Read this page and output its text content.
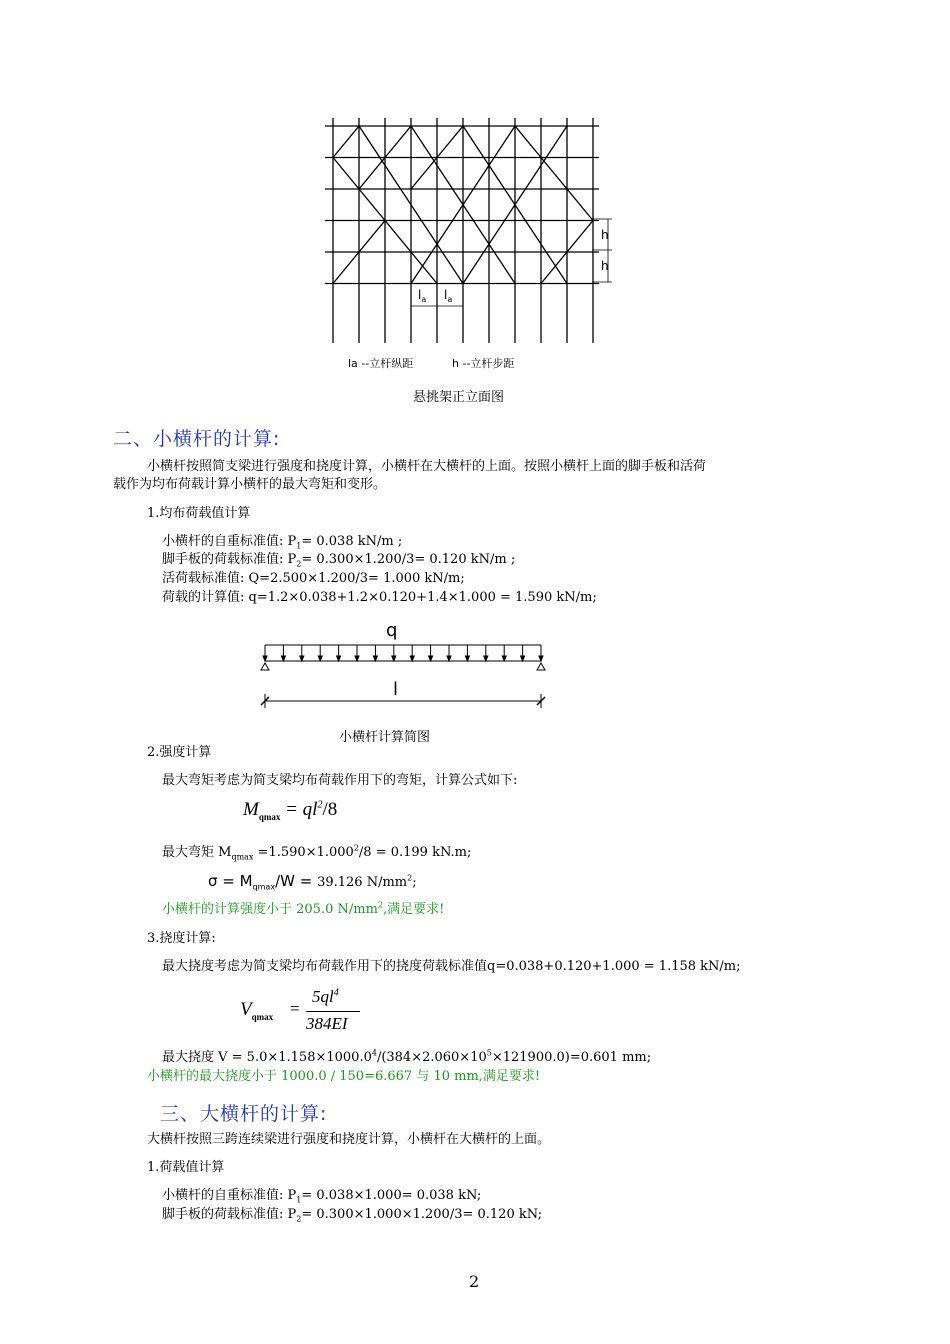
h
h
$l_a$ $l_a$
la --立杆纵距	h --立杆步距
悬挑架正立面图
二、小横杆的计算:
小横杆按照简支梁进行强度和挠度计算，小横杆在大横杆的上面。按照小横杆上面的脚手板和活荷
载作为均布荷载计算小横杆的最大弯矩和变形。
1.均布荷载值计算
小横杆的自重标准值: $P_1= 0.038$ kN/m ;
脚手板的荷载标准值: $P_2= 0.300\times 1.200/3= 0.120$ kN/m ;
活荷载标准值: Q=2.500×1.200/3= 1.000 kN/m;
荷载的计算值: q=1.2×0.038+1.2×0.120+1.4×1.000 = 1.590 kN/m;
q
l
小横杆计算简图
2.强度计算
最大弯矩考虑为简支梁均布荷载作用下的弯矩，计算公式如下:
$M_{qmax} = ql^2/8$
最大弯矩 $M_{qmax} =1.590\times 1.000^2/8 = 0.199$ kN.m;
$\sigma = M_{qmax}/W = 39.126$ $N/mm^2$;
小横杆的计算强度小于 205.0 $N/mm^2$,满足要求!
3.挠度计算:
最大挠度考虑为简支梁均布荷载作用下的挠度荷载标准值q=0.038+0.120+1.000 = 1.158 kN/m;
$V_{qmax}$ =
$5ql^4$
384EI
最大挠度 $V = 5.0\times 1.158\times 1000.0^4/(384\times 2.060\times 10^5\times 121900.0)=0.601$ mm;
小横杆的最大挠度小于 1000.0 / 150=6.667 与 10 mm,满足要求!
三、大横杆的计算:
大横杆按照三跨连续梁进行强度和挠度计算，小横杆在大横杆的上面。
1.荷载值计算
小横杆的自重标准值: $P_1= 0.038\times 1.000= 0.038$ kN;
脚手板的荷载标准值: $P_2= 0.300\times 1.000\times 1.200/3= 0.120$ kN;
2
